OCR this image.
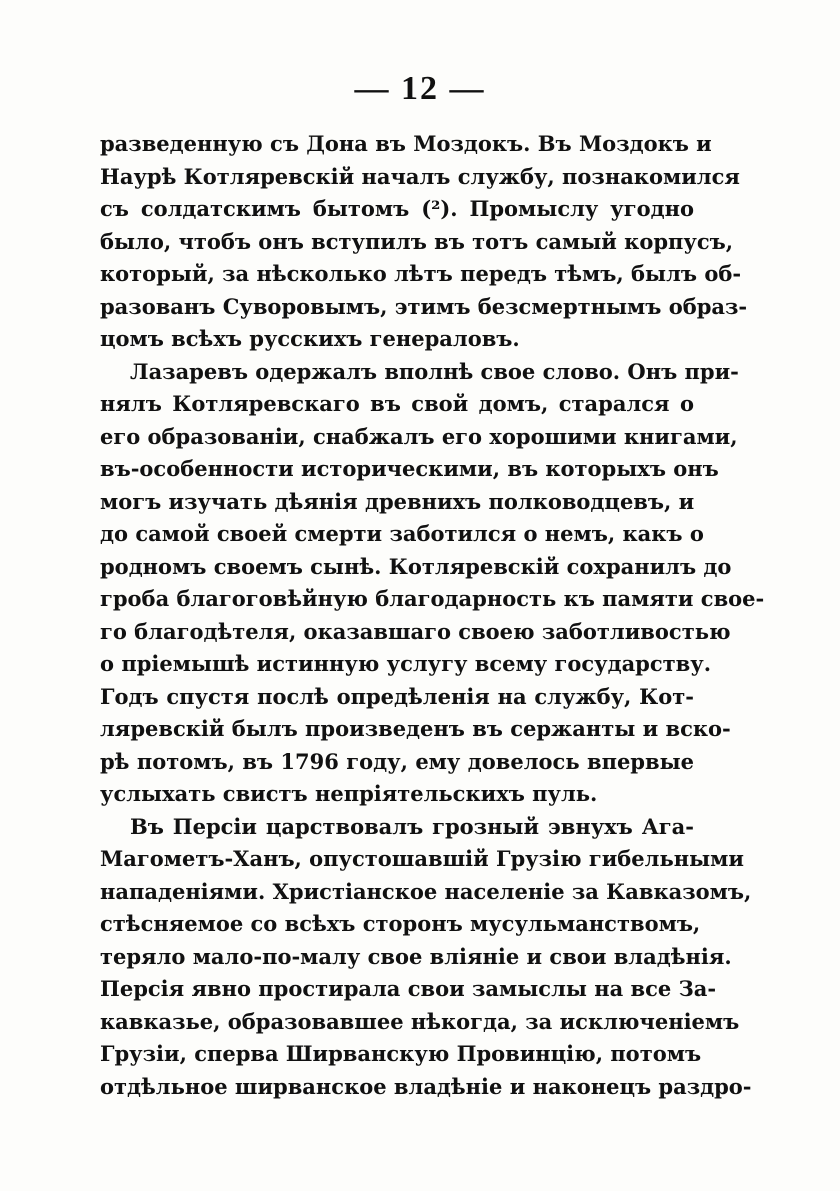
— 12 —
разведенную съ Дона въ Моздокъ. Въ Моздокъ и
Наурѣ Котляревскій началъ службу, познакомился
съ солдатскимъ бытомъ (²). Промыслу угодно
было, чтобъ онъ вступилъ въ тотъ самый корпусъ,
который, за нѣсколько лѣтъ передъ тѣмъ, былъ об-
разованъ Суворовымъ, этимъ безсмертнымъ образ-
цомъ всѣхъ русскихъ генераловъ.
Лазаревъ одержалъ вполнѣ свое слово. Онъ при-
нялъ Котляревскаго въ свой домъ, старался о
его образованіи, снабжалъ его хорошими книгами,
въ-особенности историческими, въ которыхъ онъ
могъ изучать дѣянія древнихъ полководцевъ, и
до самой своей смерти заботился о немъ, какъ о
родномъ своемъ сынѣ. Котляревскій сохранилъ до
гроба благоговѣйную благодарность къ памяти свое-
го благодѣтеля, оказавшаго своею заботливостью
о пріемышѣ истинную услугу всему государству.
Годъ спустя послѣ опредѣленія на службу, Кот-
ляревскій былъ произведенъ въ сержанты и вско-
рѣ потомъ, въ 1796 году, ему довелось впервые
услыхать свистъ непріятельскихъ пуль.
Въ Персіи царствовалъ грозный эвнухъ Ага-
Магометъ-Ханъ, опустошавшій Грузію гибельными
нападеніями. Христіанское населеніе за Кавказомъ,
стѣсняемое со всѣхъ сторонъ мусульманствомъ,
теряло мало-по-малу свое вліяніе и свои владѣнія.
Персія явно простирала свои замыслы на все За-
кавказье, образовавшее нѣкогда, за исключеніемъ
Грузіи, сперва Ширванскую Провинцію, потомъ
отдѣльное ширванское владѣніе и наконецъ раздро-
